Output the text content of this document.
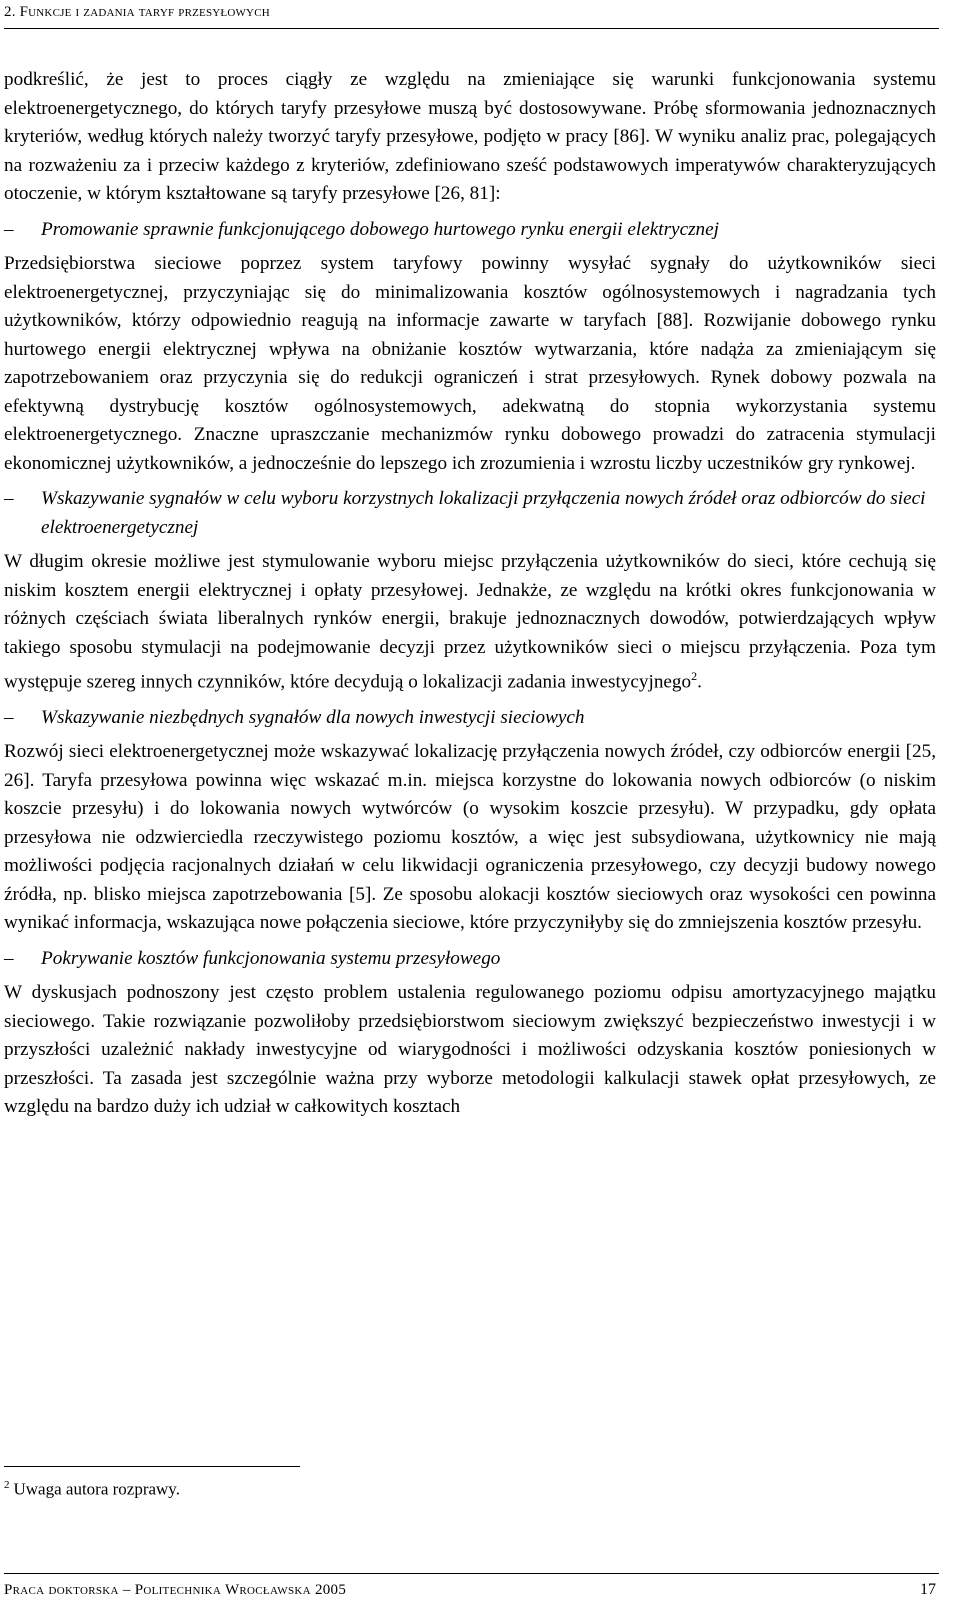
2. Funkcje i zadania taryf przesyłowych

podkreślić, że jest to proces ciągły ze względu na zmieniające się warunki funkcjonowania systemu elektroenergetycznego, do których taryfy przesyłowe muszą być dostosowywane. Próbę sformowania jednoznacznych kryteriów, według których należy tworzyć taryfy przesyłowe, podjęto w pracy [86]. W wyniku analiz prac, polegających na rozważeniu za i przeciw każdego z kryteriów, zdefiniowano sześć podstawowych imperatywów charakteryzujących otoczenie, w którym kształtowane są taryfy przesyłowe [26, 81]:

– Promowanie sprawnie funkcjonującego dobowego hurtowego rynku energii elektrycznej

Przedsiębiorstwa sieciowe poprzez system taryfowy powinny wysyłać sygnały do użytkowników sieci elektroenergetycznej, przyczyniając się do minimalizowania kosztów ogólnosystemowych i nagradzania tych użytkowników, którzy odpowiednio reagują na informacje zawarte w taryfach [88]. Rozwijanie dobowego rynku hurtowego energii elektrycznej wpływa na obniżanie kosztów wytwarzania, które nadąża za zmieniającym się zapotrzebowaniem oraz przyczynia się do redukcji ograniczeń i strat przesyłowych. Rynek dobowy pozwala na efektywną dystrybucję kosztów ogólnosystemowych, adekwatną do stopnia wykorzystania systemu elektroenergetycznego. Znaczne upraszczanie mechanizmów rynku dobowego prowadzi do zatracenia stymulacji ekonomicznej użytkowników, a jednocześnie do lepszego ich zrozumienia i wzrostu liczby uczestników gry rynkowej.

– Wskazywanie sygnałów w celu wyboru korzystnych lokalizacji przyłączenia nowych źródeł oraz odbiorców do sieci elektroenergetycznej

W długim okresie możliwe jest stymulowanie wyboru miejsc przyłączenia użytkowników do sieci, które cechują się niskim kosztem energii elektrycznej i opłaty przesyłowej. Jednakże, ze względu na krótki okres funkcjonowania w różnych częściach świata liberalnych rynków energii, brakuje jednoznacznych dowodów, potwierdzających wpływ takiego sposobu stymulacji na podejmowanie decyzji przez użytkowników sieci o miejscu przyłączenia. Poza tym występuje szereg innych czynników, które decydują o lokalizacji zadania inwestycyjnego$^2$.

– Wskazywanie niezbędnych sygnałów dla nowych inwestycji sieciowych

Rozwój sieci elektroenergetycznej może wskazywać lokalizację przyłączenia nowych źródeł, czy odbiorców energii [25, 26]. Taryfa przesyłowa powinna więc wskazać m.in. miejsca korzystne do lokowania nowych odbiorców (o niskim koszcie przesyłu) i do lokowania nowych wytwórców (o wysokim koszcie przesyłu). W przypadku, gdy opłata przesyłowa nie odzwierciedla rzeczywistego poziomu kosztów, a więc jest subsydiowana, użytkownicy nie mają możliwości podjęcia racjonalnych działań w celu likwidacji ograniczenia przesyłowego, czy decyzji budowy nowego źródła, np. blisko miejsca zapotrzebowania [5]. Ze sposobu alokacji kosztów sieciowych oraz wysokości cen powinna wynikać informacja, wskazująca nowe połączenia sieciowe, które przyczyniłyby się do zmniejszenia kosztów przesyłu.

– Pokrywanie kosztów funkcjonowania systemu przesyłowego

W dyskusjach podnoszony jest często problem ustalenia regulowanego poziomu odpisu amortyzacyjnego majątku sieciowego. Takie rozwiązanie pozwoliłoby przedsiębiorstwom sieciowym zwiększyć bezpieczeństwo inwestycji i w przyszłości uzależnić nakłady inwestycyjne od wiarygodności i możliwości odzyskania kosztów poniesionych w przeszłości. Ta zasada jest szczególnie ważna przy wyborze metodologii kalkulacji stawek opłat przesyłowych, ze względu na bardzo duży ich udział w całkowitych kosztach

$^2$ Uwaga autora rozprawy.
Praca doktorska – Politechnika Wrocławska 2005	17
